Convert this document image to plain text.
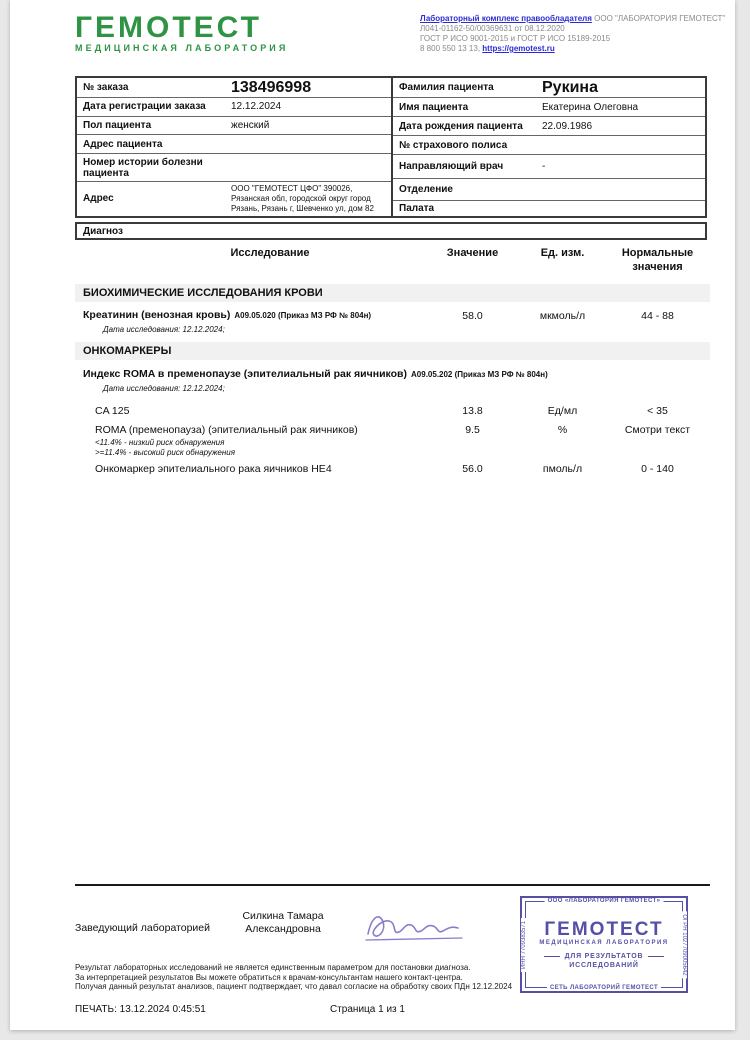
ГЕМОТЕСТ
МЕДИЦИНСКАЯ ЛАБОРАТОРИЯ
Лабораторный комплекс правообладателя ООО "ЛАБОРАТОРИЯ ГЕМОТЕСТ"
Л041-01162-50/00369631 от 08.12.2020
ГОСТ Р ИСО 9001-2015 и ГОСТ Р ИСО 15189-2015
8 800 550 13 13, https://gemotest.ru
№ заказа	138496998
Дата регистрации заказа	12.12.2024
Пол пациента	женский
Адрес пациента
Номер истории болезни пациента
Адрес
ООО "ГЕМОТЕСТ ЦФО" 390026, Рязанская обл, городской округ город Рязань, Рязань г, Шевченко ул, дом 82
Фамилия пациента	Рукина
Имя пациента	Екатерина Олеговна
Дата рождения пациента	22.09.1986
№ страхового полиса
Направляющий врач	-
Отделение
Палата
Диагноз
Исследование	Значение	Ед. изм.	Нормальные
значения
БИОХИМИЧЕСКИЕ ИССЛЕДОВАНИЯ КРОВИ
Креатинин (венозная кровь) А09.05.020 (Приказ МЗ РФ № 804н)	58.0	мкмоль/л	44 - 88
Дата исследования: 12.12.2024;
ОНКОМАРКЕРЫ
Индекс ROMA в пременопаузе (эпителиальный рак яичников) А09.05.202 (Приказ МЗ РФ № 804н)
Дата исследования: 12.12.2024;
CA 125	13.8	Ед/мл	< 35
ROMA (пременопауза) (эпителиальный рак яичников)	9.5	%	Смотри текст
<11.4% - низкий риск обнаружения
>=11.4% - высокий риск обнаружения
Онкомаркер эпителиального рака яичников HE4	56.0	пмоль/л	0 - 140
Заведующий лабораторией
Силкина Тамара
Александровна
ООО «ЛАБОРАТОРИЯ ГЕМОТЕСТ»
СЕТЬ ЛАБОРАТОРИЙ ГЕМОТЕСТ
ИНН 7709383571	ОГРН 1027709005642
ГЕМОТЕСТ
МЕДИЦИНСКАЯ ЛАБОРАТОРИЯ
ДЛЯ РЕЗУЛЬТАТОВ
ИССЛЕДОВАНИЙ
Результат лабораторных исследований не является единственным параметром для постановки диагноза.
За интерпретацией результатов Вы можете обратиться к врачам-консультантам нашего контакт-центра.
Получая данный результат анализов, пациент подтверждает, что давал согласие на обработку своих ПДн 12.12.2024
ПЕЧАТЬ: 13.12.2024 0:45:51	Страница 1 из 1
